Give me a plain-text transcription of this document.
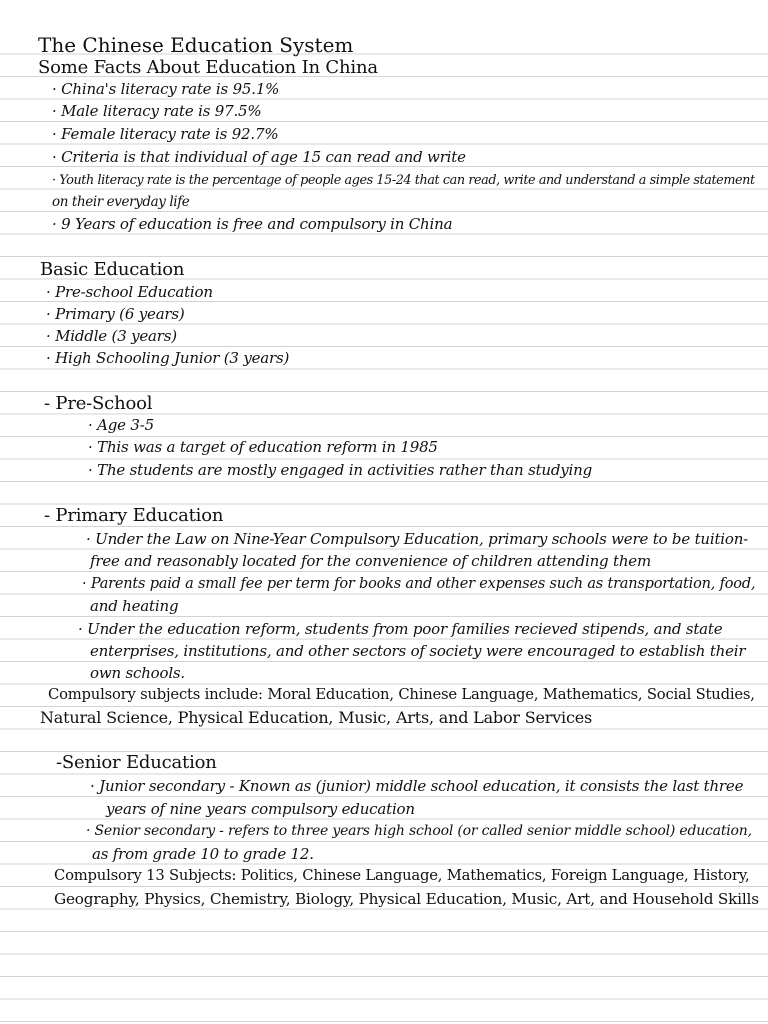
The Chinese Education System
Some Facts About Education In China
· China's literacy rate is 95.1%
· Male literacy rate is 97.5%
· Female literacy rate is 92.7%
· Criteria is that individual of age 15 can read and write
· Youth literacy rate is the percentage of people ages 15-24 that can read, write and understand a simple statement
on their everyday life
· 9 Years of education is free and compulsory in China
Basic Education
· Pre-school Education
· Primary (6 years)
· Middle (3 years)
· High Schooling Junior (3 years)
- Pre-School
· Age 3-5
· This was a target of education reform in 1985
· The students are mostly engaged in activities rather than studying
- Primary Education
· Under the Law on Nine-Year Compulsory Education, primary schools were to be tuition-
free and reasonably located for the convenience of children attending them
· Parents paid a small fee per term for books and other expenses such as transportation, food,
and heating
· Under the education reform, students from poor families recieved stipends, and state
enterprises, institutions, and other sectors of society were encouraged to establish their
own schools.
Compulsory subjects include: Moral Education, Chinese Language, Mathematics, Social Studies,
Natural Science, Physical Education, Music, Arts, and Labor Services
-Senior Education
· Junior secondary - Known as (junior) middle school education, it consists the last three
years of nine years compulsory education
· Senior secondary - refers to three years high school (or called senior middle school) education,
as from grade 10 to grade 12.
Compulsory 13 Subjects: Politics, Chinese Language, Mathematics, Foreign Language, History,
Geography, Physics, Chemistry, Biology, Physical Education, Music, Art, and Household Skills
